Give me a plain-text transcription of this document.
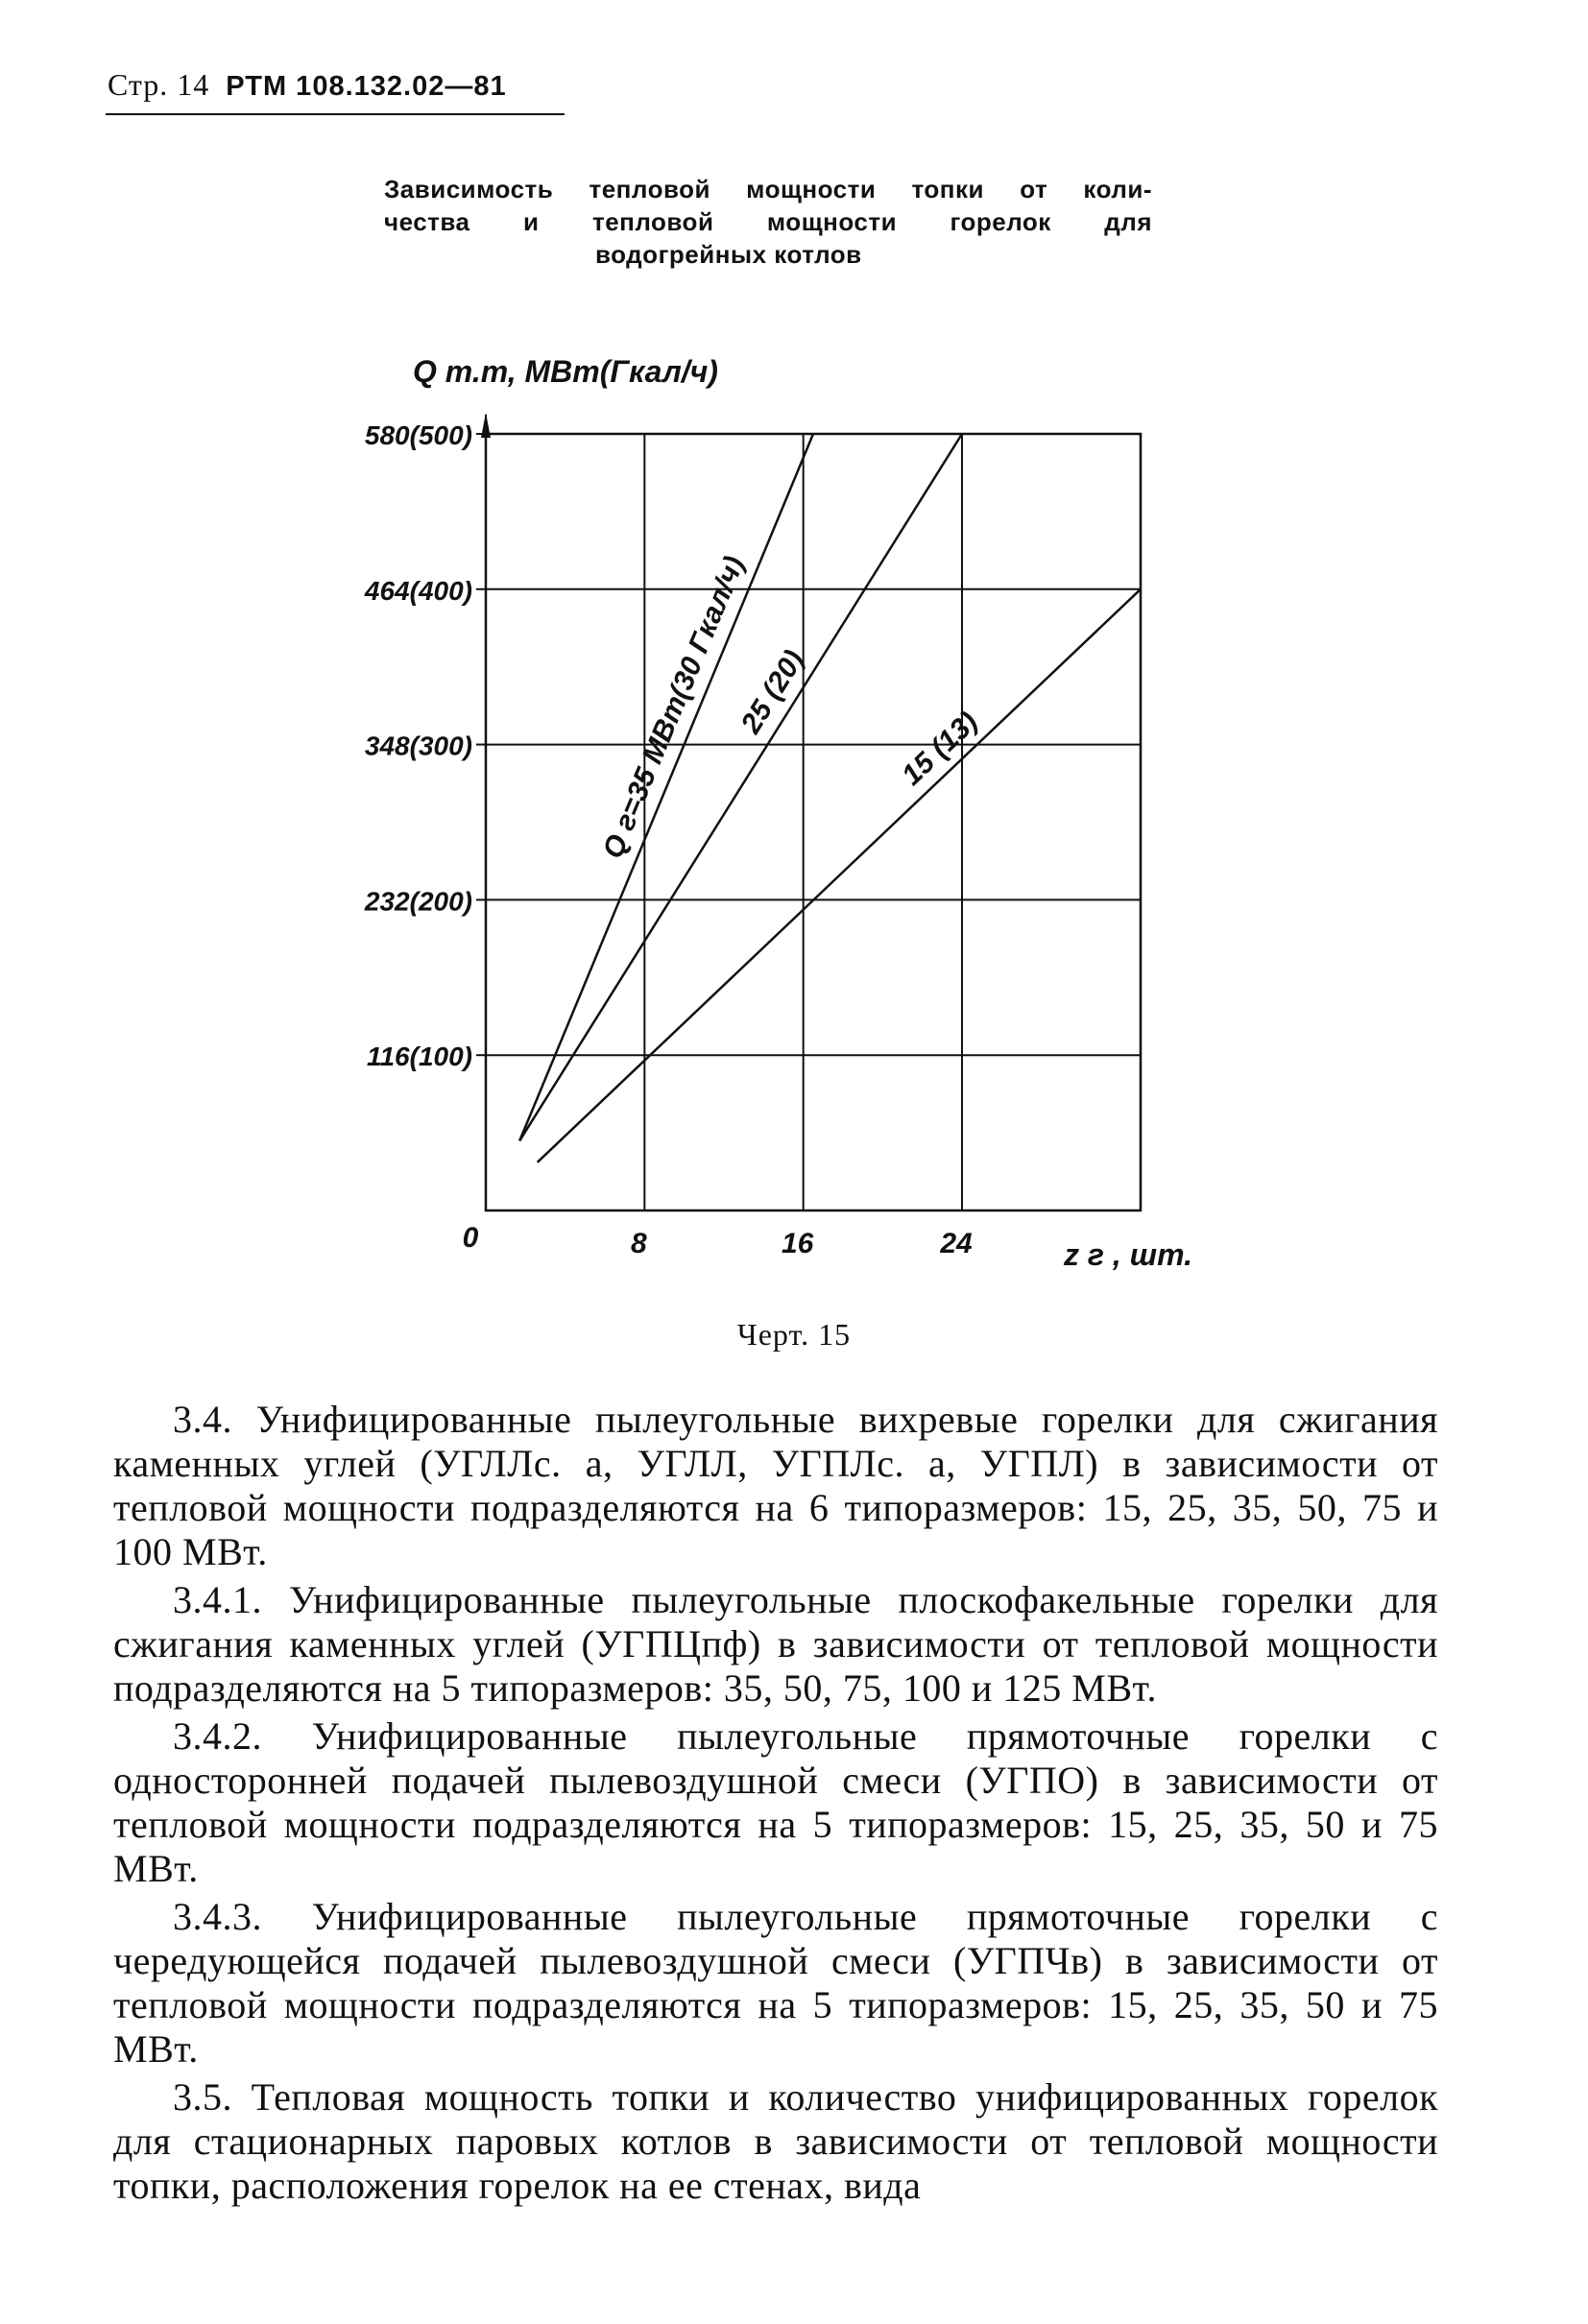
Стр. 14 РТМ 108.132.02—81
Зависимость тепловой мощности топки от коли-
чества и тепловой мощности горелок для
водогрейных котлов
116(100)
232(200)
348(300)
464(400)
580(500)
8	16	24
0
Q т.т, МВт(Гкал/ч)
z г , шт.
Q г=35 МВт(30 Гкал/ч)
25 (20)
15 (13)
Черт. 15

3.4. Унифицированные пылеугольные вихревые горелки для сжигания каменных углей (УГЛЛс. а, УГЛЛ, УГПЛс. а, УГПЛ) в зависимости от тепловой мощности подразделяются на 6 типоразмеров: 15, 25, 35, 50, 75 и 100 МВт.

3.4.1. Унифицированные пылеугольные плоскофакельные горелки для сжигания каменных углей (УГПЦпф) в зависимости от тепловой мощности подразделяются на 5 типоразмеров: 35, 50, 75, 100 и 125 МВт.

3.4.2. Унифицированные пылеугольные прямоточные горелки с односторонней подачей пылевоздушной смеси (УГПО) в зависимости от тепловой мощности подразделяются на 5 типоразмеров: 15, 25, 35, 50 и 75 МВт.

3.4.3. Унифицированные пылеугольные прямоточные горелки с чередующейся подачей пылевоздушной смеси (УГПЧв) в зависимости от тепловой мощности подразделяются на 5 типоразмеров: 15, 25, 35, 50 и 75 МВт.

3.5. Тепловая мощность топки и количество унифицированных горелок для стационарных паровых котлов в зависимости от тепловой мощности топки, расположения горелок на ее стенах, вида
